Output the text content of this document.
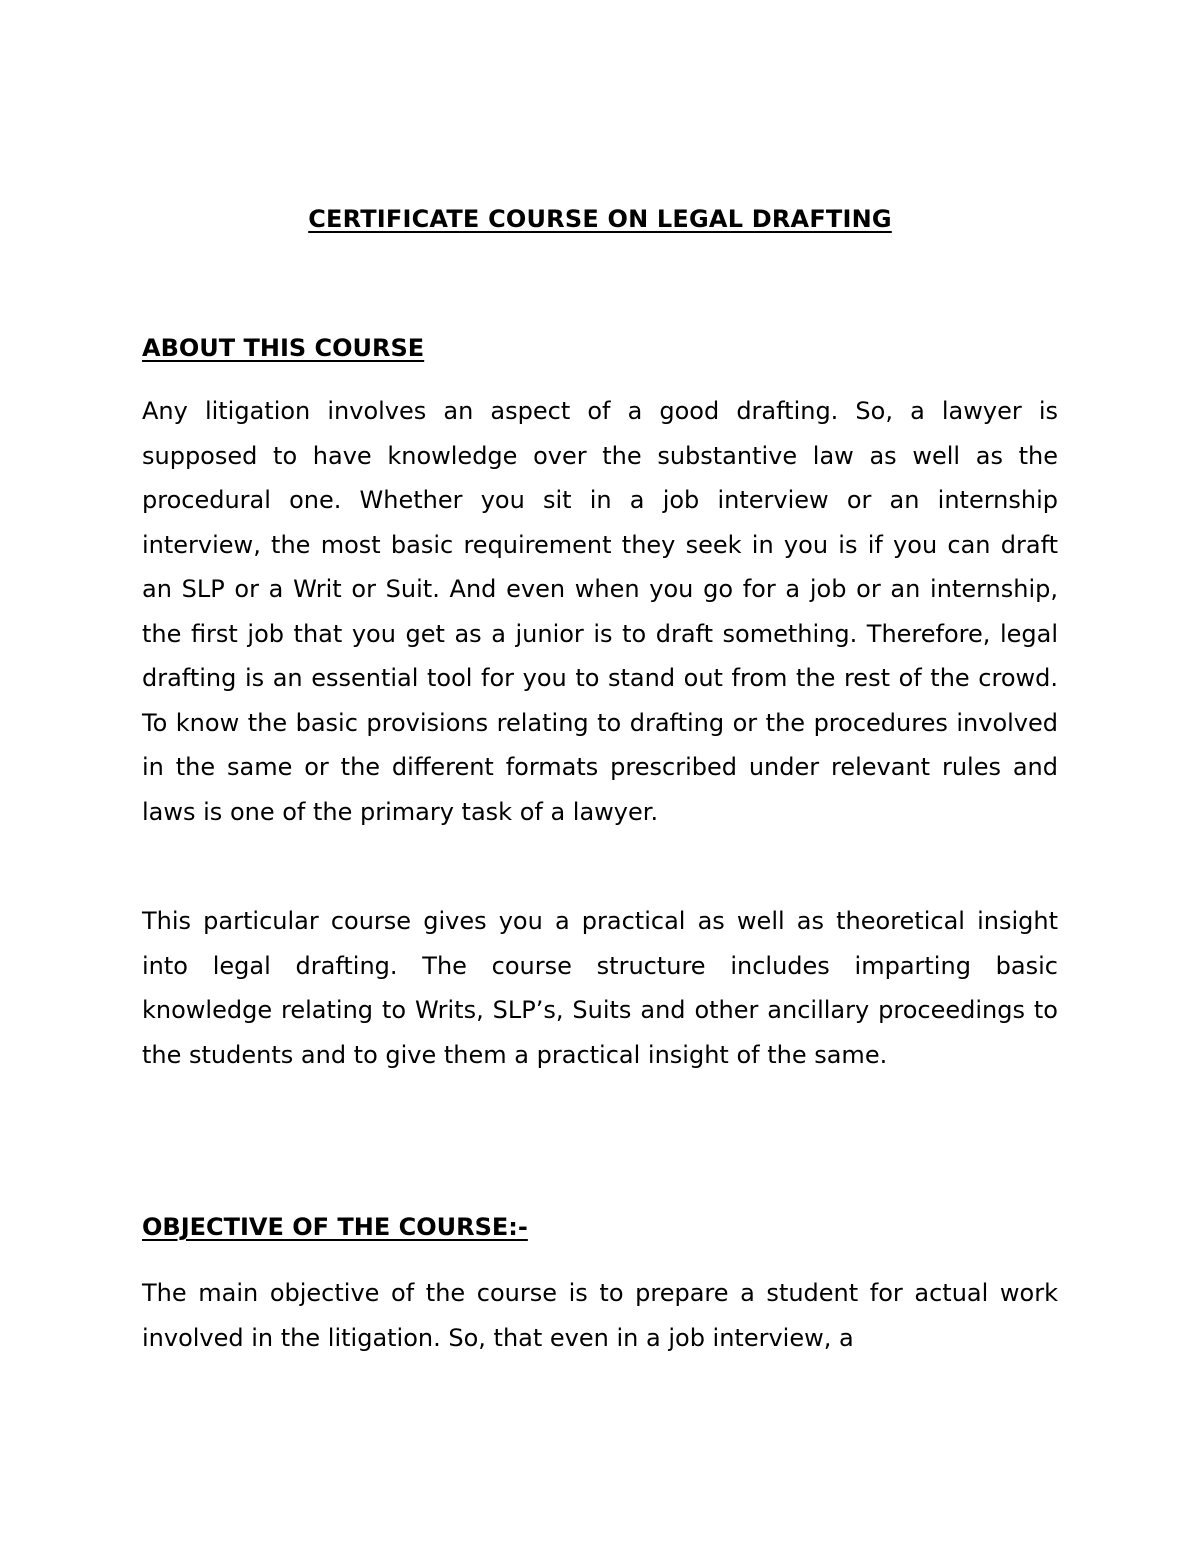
CERTIFICATE COURSE ON LEGAL DRAFTING
ABOUT THIS COURSE

Any litigation involves an aspect of a good drafting. So, a lawyer is supposed to have knowledge over the substantive law as well as the procedural one. Whether you sit in a job interview or an internship interview, the most basic requirement they seek in you is if you can draft an SLP or a Writ or Suit. And even when you go for a job or an internship, the first job that you get as a junior is to draft something. Therefore, legal drafting is an essential tool for you to stand out from the rest of the crowd. To know the basic provisions relating to drafting or the procedures involved in the same or the different formats prescribed under relevant rules and laws is one of the primary task of a lawyer.

This particular course gives you a practical as well as theoretical insight into legal drafting. The course structure includes imparting basic knowledge relating to Writs, SLP’s, Suits and other ancillary proceedings to the students and to give them a practical insight of the same.

OBJECTIVE OF THE COURSE:-

The main objective of the course is to prepare a student for actual work involved in the litigation. So, that even in a job interview, a
